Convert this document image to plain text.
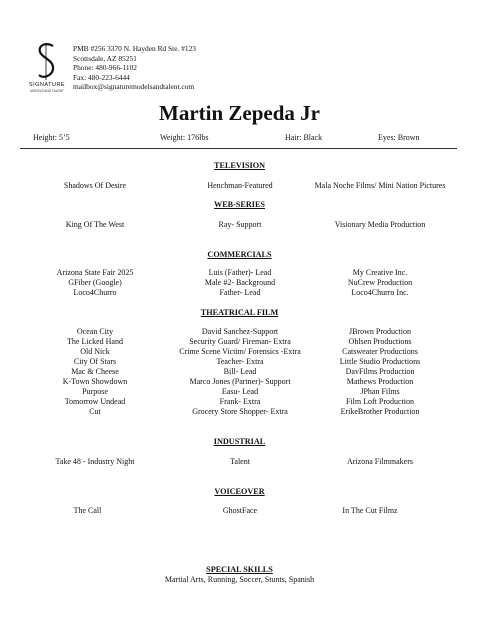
SIGNATURE
MODELS AND TALENT
PMB #256 3370 N. Hayden Rd Ste. #123
Scottsdale, AZ 85251
Phone: 480-966-1102
Fax: 480-223-6444
mailbox@signaturemodelsandtalent.com
Martin Zepeda Jr
Height: 5’5	Weight: 176lbs	Hair: Black	Eyes: Brown
TELEVISION
Shadows Of Desire	Henchman-Featured	Mala Noche Films/ Mini Nation Pictures
WEB-SERIES
King Of The West	Ray- Support	Visionary Media Production
COMMERCIALS
Arizona State Fair 2025	Luis (Father)- Lead	My Creative Inc.
GFiber (Google)	Male #2- Background	NuCrew Production
Loco4Churro	Father- Lead	Loco4Churro Inc.
THEATRICAL FILM
Ocean City	David Sanchez-Support	JBrown Production
The Licked Hand	Security Guard/ Fireman- Extra	Ohlsen Productions
Old Nick	Crime Scene Victim/ Forensics -Extra	Catsweater Productions
City Of Stars	Teacher- Extra	Little Studio Productions
Mac & Cheese	Bill- Lead	DavFilms Production
K-Town Showdown	Marco Jones (Partner)- Support	Mathews Production
Purpose	Easu- Lead	JPhan Films
Tomorrow Undead	Frank- Extra	Film Loft Production
Cut	Grocery Store Shopper- Extra	ErikeBrother Production
INDUSTRIAL
Take 48 - Industry Night	Talent	Arizona Filmmakers
VOICEOVER
The Call	GhostFace	In The Cut Filmz
SPECIAL SKILLS
Martial Arts, Running, Soccer, Stunts, Spanish
